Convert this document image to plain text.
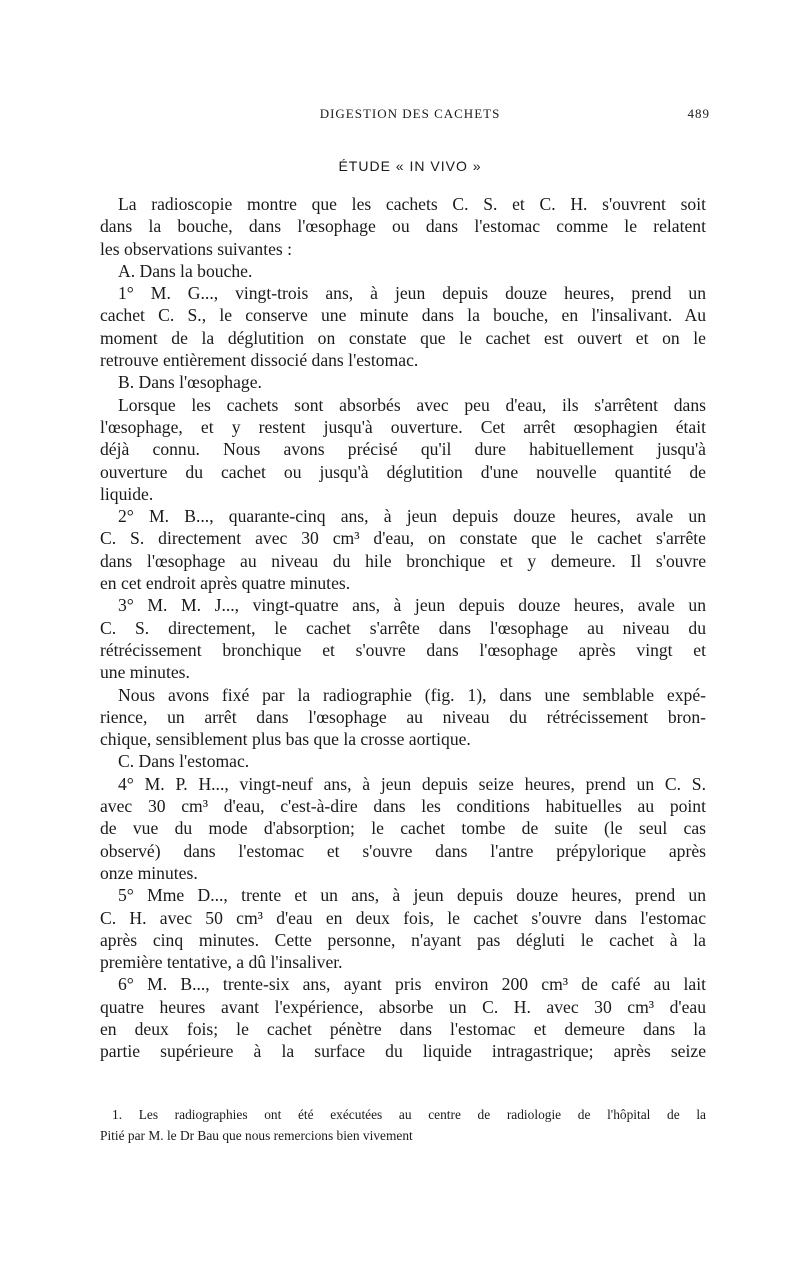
DIGESTION DES CACHETS	489
ÉTUDE « IN VIVO »
La radioscopie montre que les cachets C. S. et C. H. s'ouvrent soit
dans la bouche, dans l'œsophage ou dans l'estomac comme le relatent
les observations suivantes :
A. Dans la bouche.
1° M. G..., vingt-trois ans, à jeun depuis douze heures, prend un
cachet C. S., le conserve une minute dans la bouche, en l'insalivant. Au
moment de la déglutition on constate que le cachet est ouvert et on le
retrouve entièrement dissocié dans l'estomac.
B. Dans l'œsophage.
Lorsque les cachets sont absorbés avec peu d'eau, ils s'arrêtent dans
l'œsophage, et y restent jusqu'à ouverture. Cet arrêt œsophagien était
déjà connu. Nous avons précisé qu'il dure habituellement jusqu'à
ouverture du cachet ou jusqu'à déglutition d'une nouvelle quantité de
liquide.
2° M. B..., quarante-cinq ans, à jeun depuis douze heures, avale un
C. S. directement avec 30 cm³ d'eau, on constate que le cachet s'arrête
dans l'œsophage au niveau du hile bronchique et y demeure. Il s'ouvre
en cet endroit après quatre minutes.
3° M. M. J..., vingt-quatre ans, à jeun depuis douze heures, avale un
C. S. directement, le cachet s'arrête dans l'œsophage au niveau du
rétrécissement bronchique et s'ouvre dans l'œsophage après vingt et
une minutes.
Nous avons fixé par la radiographie (fig. 1), dans une semblable expé-
rience, un arrêt dans l'œsophage au niveau du rétrécissement bron-
chique, sensiblement plus bas que la crosse aortique.
C. Dans l'estomac.
4° M. P. H..., vingt-neuf ans, à jeun depuis seize heures, prend un C. S.
avec 30 cm³ d'eau, c'est-à-dire dans les conditions habituelles au point
de vue du mode d'absorption; le cachet tombe de suite (le seul cas
observé) dans l'estomac et s'ouvre dans l'antre prépylorique après
onze minutes.
5° Mme D..., trente et un ans, à jeun depuis douze heures, prend un
C. H. avec 50 cm³ d'eau en deux fois, le cachet s'ouvre dans l'estomac
après cinq minutes. Cette personne, n'ayant pas dégluti le cachet à la
première tentative, a dû l'insaliver.
6° M. B..., trente-six ans, ayant pris environ 200 cm³ de café au lait
quatre heures avant l'expérience, absorbe un C. H. avec 30 cm³ d'eau
en deux fois; le cachet pénètre dans l'estomac et demeure dans la
partie supérieure à la surface du liquide intragastrique; après seize
1. Les radiographies ont été exécutées au centre de radiologie de l'hôpital de la
Pitié par M. le Dr Bau que nous remercions bien vivement
